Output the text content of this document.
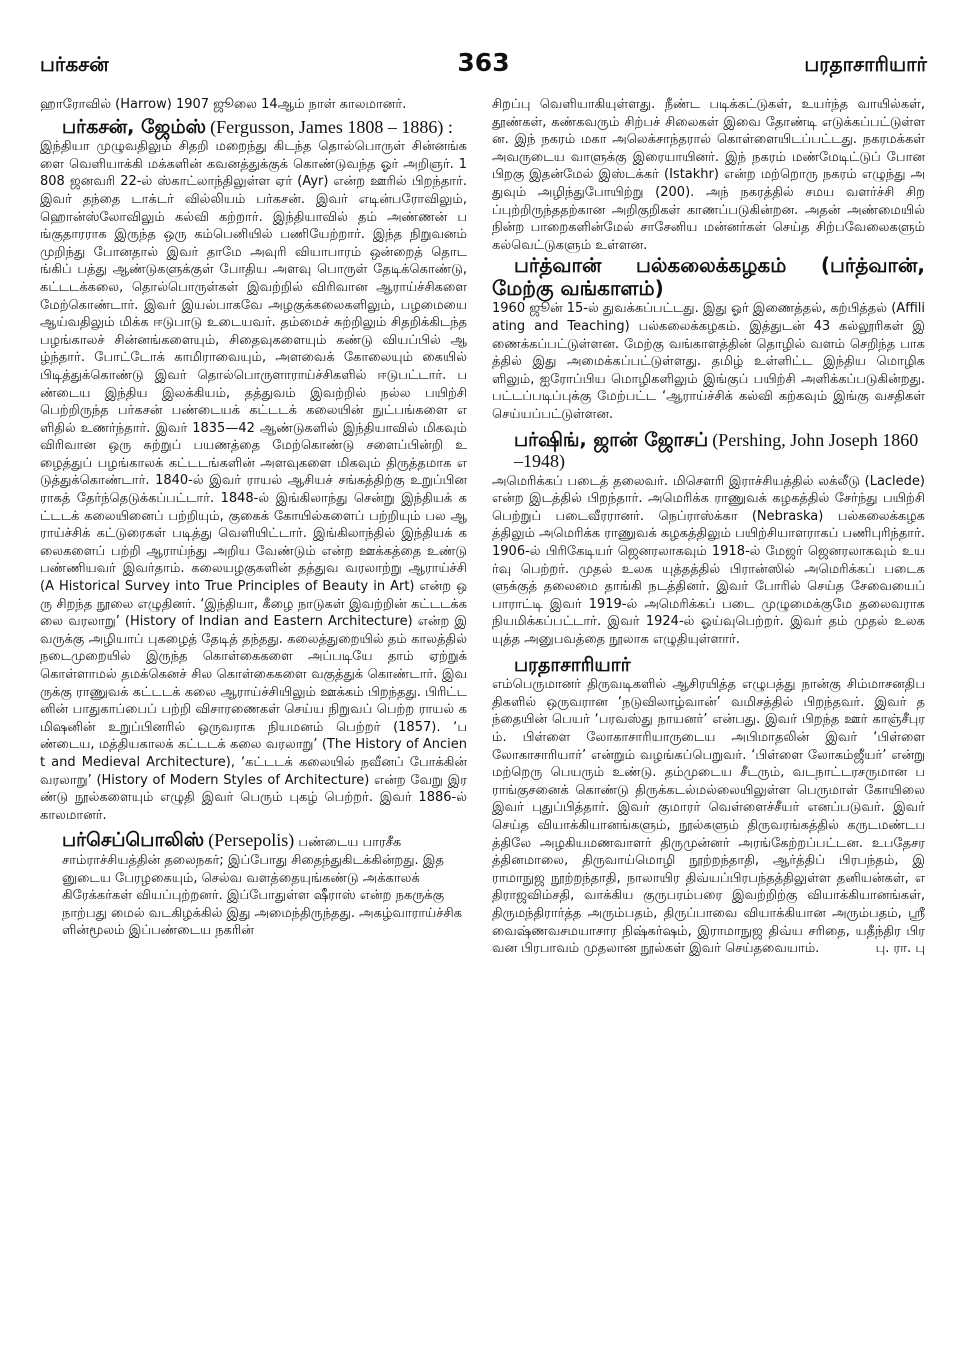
பர்கசன்	363	பரதாசாரியார்

ஹாரோவில் (Harrow) 1907 ஜூலை 14ஆம் நாள் காலமானர்.

பர்கசன், ஜேம்ஸ் (Fergusson, James 1808 – 1886) :
இந்தியா முழுவதிலும் சிதறி மறைந்து கிடந்த தொல்பொருள் சின்னங்களை வெளியாக்கி மக்களின் கவனத்துக்குக் கொண்டுவந்த ஓர் அறிஞர். 1808 ஜனவரி 22-ல் ஸ்காட்லாந்திலுள்ள ஏர் (Ayr) என்ற ஊரில் பிறந்தார். இவர் தந்தை டாக்டர் வில்லியம் பர்கசன். இவர் எடின்பரோவிலும், ஹொன்ஸ்லோவிலும் கல்வி கற்றார். இந்தியாவில் தம் அண்ணன் பங்குதாரராக இருந்த ஒரு கம்பெனியில் பணியேற்றார். இந்த நிறுவனம் முறிந்து போனதால் இவர் தாமே அவுரி வியாபாரம் ஒன்றைத் தொடங்கிப் பத்து ஆண்டுகளுக்குள் போதிய அளவு பொருள் தேடிக்கொண்டு, கட்டடக்கலை, தொல்பொருள்கள் இவற்றில் விரிவான ஆராய்ச்சிகளை மேற்கொண்டார். இவர் இயல்பாகவே அழகுக்கலைகளிலும், பழமையை ஆய்வதிலும் மிக்க ஈடுபாடு உடையவர். தம்மைச் சுற்றிலும் சிதறிக்கிடந்த பழங்காலச் சின்னங்களையும், சிதைவுகளையும் கண்டு வியப்பில் ஆழ்ந்தார். போட்டோக் காமிராவையும், அளவைக் கோலையும் கையில் பிடித்துக்கொண்டு இவர் தொல்பொருளாராய்ச்சிகளில் ஈடுபட்டார். பண்டைய இந்திய இலக்கியம், தத்துவம் இவற்றில் நல்ல பயிற்சி பெற்றிருந்த பர்கசன் பண்டையக் கட்டடக் கலையின் நுட்பங்களை எளிதில் உணர்ந்தார். இவர் 1835—42 ஆண்டுகளில் இந்தியாவில் மிகவும் விரிவான ஒரு சுற்றுப் பயணத்தை மேற்கொண்டு சளைப்பின்றி உழைத்துப் பழங்காலக் கட்டடங்களின் அளவுகளை மிகவும் திருத்தமாக எடுத்துக்கொண்டார். 1840-ல் இவர் ராயல் ஆசியச் சங்கத்திற்கு உறுப்பினராகத் தேர்ந்தெடுக்கப்பட்டார். 1848-ல் இங்கிலாந்து சென்று இந்தியக் கட்டடக் கலையினைப் பற்றியும், குகைக் கோயில்களைப் பற்றியும் பல ஆராய்ச்சிக் கட்டுரைகள் படித்து வெளியிட்டார். இங்கிலாந்தில் இந்தியக் கலைகளைப் பற்றி ஆராய்ந்து அறிய வேண்டும் என்ற ஊக்கத்தை உண்டு பண்ணியவர் இவர்தாம். கலையழகுகளின் தத்துவ வரலாற்று ஆராய்ச்சி (A Historical Survey into True Principles of Beauty in Art) என்ற ஒரு சிறந்த நூலை எழுதினர். ‘இந்தியா, கீழை நாடுகள் இவற்றின் கட்டடக்கலை வரலாறு’ (History of Indian and Eastern Architecture) என்ற இவருக்கு அழியாப் புகழைத் தேடித் தந்தது. கலைத்துறையில் தம் காலத்தில் நடைமுறையில் இருந்த கொள்கைகளை அப்படியே தாம் ஏற்றுக் கொள்ளாமல் தமக்கெனச் சில கொள்கைகளை வகுத்துக் கொண்டார். இவருக்கு ராணுவக் கட்டடக் கலை ஆராய்ச்சியிலும் ஊக்கம் பிறந்தது. பிரிட்டனின் பாதுகாப்பைப் பற்றி விசாரணைகள் செய்ய நிறுவப் பெற்ற ராயல் கமிஷனின் உறுப்பினரில் ஒருவராக நியமனம் பெற்றர் (1857). ‘பண்டைய, மத்தியகாலக் கட்டடக் கலை வரலாறு’ (The History of Ancient and Medieval Architecture), ‘கட்டடக் கலையில் நவீனப் போக்கின் வரலாறு’ (History of Modern Styles of Architecture) என்ற வேறு இரண்டு நூல்களையும் எழுதி இவர் பெரும் புகழ் பெற்றர். இவர் 1886-ல் காலமானர்.

பர்செப்பொலிஸ் (Persepolis) பண்டைய பாரசீக சாம்ராச்சியத்தின் தலைநகர்; இப்போது சிதைந்துகிடக்கின்றது. இதனுடைய பேரழகையும், செல்வ வளத்தையுங்கண்டு அக்காலக் கிரேக்கர்கள் வியப்புற்றனர். இப்போதுள்ள ஷீராஸ் என்ற நகருக்கு நாற்பது மைல் வடகிழக்கில் இது அமைந்திருந்தது. அகழ்வாராய்ச்சிகளின்மூலம் இப்பண்டைய நகரின்

சிறப்பு வெளியாகியுள்ளது. நீண்ட படிக்கட்டுகள், உயர்ந்த வாயில்கள், தூண்கள், கண்கவரும் சிற்பச் சிலைகள் இவை தோண்டி எடுக்கப்பட்டுள்ளன. இந் நகரம் மகா அலெக்சாந்தரால் கொள்ளையிடப்பட்டது. நகரமக்கள் அவருடைய வாளுக்கு இரையாயினர். இந் நகரம் மண்மேடிட்டுப் போன பிறகு இதன்மேல் இஸ்டக்கர் (Istakhr) என்ற மற்றொரு நகரம் எழுந்து அதுவும் அழிந்துபோயிற்று (200). அந் நகரத்தில் சமய வளர்ச்சி சிறப்புற்றிருந்ததற்கான அறிகுறிகள் காணப்படுகின்றன. அதன் அண்மையில் நின்ற பாறைகளின்மேல் சாசேனிய மன்னர்கள் செய்த சிற்பவேலைகளும் கல்வெட்டுகளும் உள்ளன.

பர்த்வான் பல்கலைக்கழகம் (பர்த்வான், மேற்கு வங்காளம்)
1960 ஜூன் 15-ல் துவக்கப்பட்டது. இது ஓர் இணைத்தல், கற்பித்தல் (Affiliating and Teaching) பல்கலைக்கழகம். இத்துடன் 43 கல்லூரிகள் இணைக்கப்பட்டுள்ளன. மேற்கு வங்காளத்தின் தொழில் வளம் செறிந்த பாகத்தில் இது அமைக்கப்பட்டுள்ளது. தமிழ் உள்ளிட்ட இந்திய மொழிகளிலும், ஐரோப்பிய மொழிகளிலும் இங்குப் பயிற்சி அளிக்கப்படுகின்றது. பட்டப்படிப்புக்கு மேற்பட்ட ‘ஆராய்ச்சிக் கல்வி கற்கவும் இங்கு வசதிகள் செய்யப்பட்டுள்ளன.

பர்ஷிங், ஜான் ஜோசப் (Pershing, John Joseph 1860–1948)
அமெரிக்கப் படைத் தலைவர். மிசௌரி இராச்சியத்தில் லக்லீடு (Laclede) என்ற இடத்தில் பிறந்தார். அமெரிக்க ராணுவக் கழகத்தில் சேர்ந்து பயிற்சி பெற்றுப் படைவீரரானர். நெப்ராஸ்க்கா (Nebraska) பல்கலைக்கழகத்திலும் அமெரிக்க ராணுவக் கழகத்திலும் பயிற்சியாளராகப் பணிபுரிந்தார். 1906-ல் பிரிகேடியர் ஜெனரலாகவும் 1918-ல் மேஜர் ஜெனரலாகவும் உயர்வு பெற்றர். முதல் உலக யுத்தத்தில் பிரான்ஸில் அமெரிக்கப் படைகளுக்குத் தலைமை தாங்கி நடத்தினர். இவர் போரில் செய்த சேவையைப் பாராட்டி இவர் 1919-ல் அமெரிக்கப் படை முழுமைக்குமே தலைவராக நியமிக்கப்பட்டார். இவர் 1924-ல் ஓய்வுபெற்றர். இவர் தம் முதல் உலகயுத்த அனுபவத்தை நூலாக எழுதியுள்ளார்.

பரதாசாரியார்
எம்பெருமானர் திருவடிகளில் ஆசிரயித்த எழுபத்து நான்கு சிம்மாசனதிபதிகளில் ஒருவரான ‘நடுவிலாழ்வான்’ வமிசத்தில் பிறந்தவர். இவர் தந்தையின் பெயர் ‘பரவஸ்து நாயனர்’ என்பது. இவர் பிறந்த ஊர் காஞ்சீபுரம். பிள்ளை லோகாசாரியாருடைய அபிமாதலின் இவர் ‘பிள்ளை லோகாசாரியார்’ என்றும் வழங்கப்பெறுவர். ‘பிள்ளை லோகம்ஜீயர்’ என்று மற்றெரு பெயரும் உண்டு. தம்முடைய சீடரும், வடநாட்டரசருமான பராங்குசனைக் கொண்டு திருக்கடல்மல்லையிலுள்ள பெருமாள் கோயிலை இவர் புதுப்பித்தார். இவர் குமாரர் வெள்ளைச்சீயர் எனப்படுவர். இவர் செய்த வியாக்கியானங்களும், நூல்களும் திருவரங்கத்தில் கருடமண்டபத்திலே அழகியமணவாளர் திருமுன்னர் அரங்கேற்றப்பட்டன. உபதேசரத்தினமாலை, திருவாய்மொழி நூற்றந்தாதி, ஆர்த்திப் பிரபந்தம், இராமாநுஜ நூற்றந்தாதி, நாலாயிர திவ்யப்பிரபந்தத்திலுள்ள தனியன்கள், எதிராஜவிம்சதி, வாக்கிய குருபரம்பரை இவற்றிற்கு வியாக்கியானங்கள், திருமந்திரார்த்த அரும்பதம், திருப்பாவை வியாக்கியான அரும்பதம், ஸ்ரீ வைஷ்ணவசமயாசார நிஷ்கர்ஷம், இராமாநுஜ திவ்ய சரிதை, யதீந்திர பிரவன பிரபாவம் முதலான நூல்கள் இவர் செய்தவையாம்.	பு. ரா. பு
